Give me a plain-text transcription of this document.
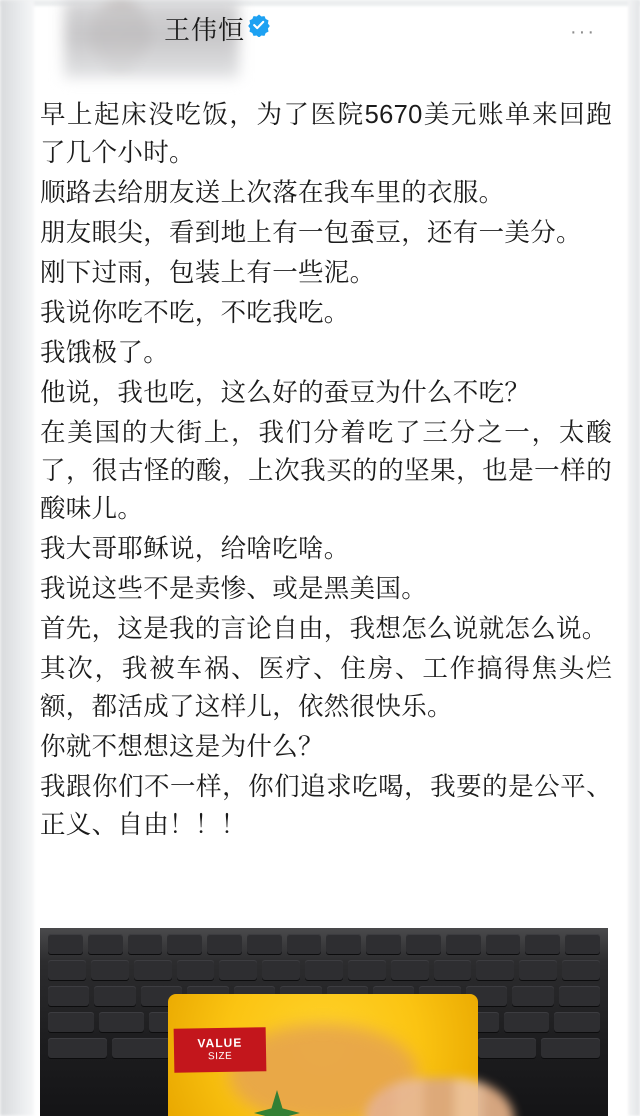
王伟恒	···

早上起床没吃饭，为了医院5670美元账单来回跑了几个小时。

顺路去给朋友送上次落在我车里的衣服。

朋友眼尖，看到地上有一包蚕豆，还有一美分。

刚下过雨，包装上有一些泥。

我说你吃不吃，不吃我吃。

我饿极了。

他说，我也吃，这么好的蚕豆为什么不吃？

在美国的大街上，我们分着吃了三分之一，太酸了，很古怪的酸，上次我买的的坚果，也是一样的酸味儿。

我大哥耶稣说，给啥吃啥。

我说这些不是卖惨、或是黑美国。

首先，这是我的言论自由，我想怎么说就怎么说。

其次，我被车祸、医疗、住房、工作搞得焦头烂额，都活成了这样儿，依然很快乐。

你就不想想这是为什么？

我跟你们不一样，你们追求吃喝，我要的是公平、正义、自由！！！

VALUE
SIZE
